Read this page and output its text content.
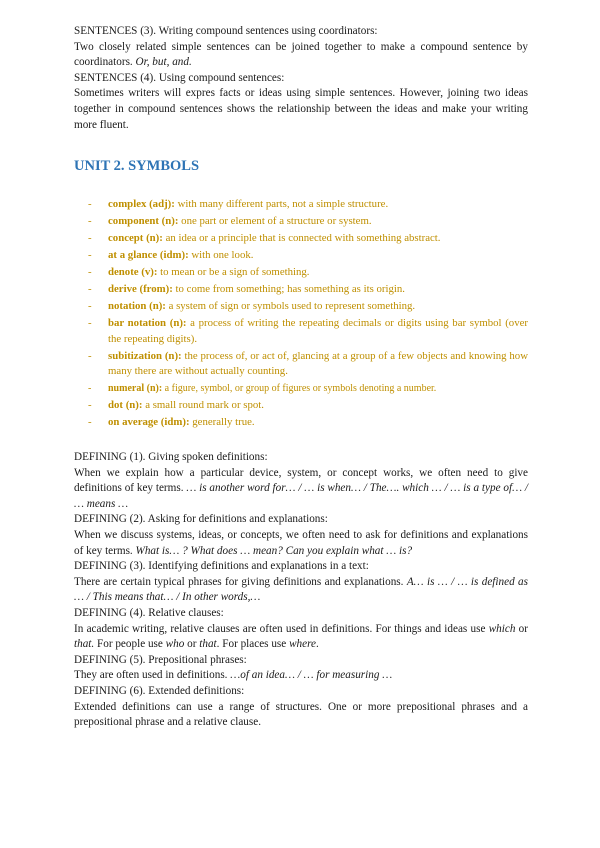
SENTENCES (3). Writing compound sentences using coordinators:

Two closely related simple sentences can be joined together to make a compound sentence by coordinators. Or, but, and.

SENTENCES (4). Using compound sentences:

Sometimes writers will expres facts or ideas using simple sentences. However, joining two ideas together in compound sentences shows the relationship between the ideas and make your writing more fluent.

UNIT 2. SYMBOLS
- complex (adj): with many different parts, not a simple structure.
- component (n): one part or element of a structure or system.
- concept (n): an idea or a principle that is connected with something abstract.
- at a glance (idm): with one look.
- denote (v): to mean or be a sign of something.
- derive (from): to come from something; has something as its origin.
- notation (n): a system of sign or symbols used to represent something.
- bar notation (n): a process of writing the repeating decimals or digits using bar symbol (over the repeating digits).
- subitization (n): the process of, or act of, glancing at a group of a few objects and knowing how many there are without actually counting.
- numeral (n): a figure, symbol, or group of figures or symbols denoting a number.
- dot (n): a small round mark or spot.
- on average (idm): generally true.

DEFINING (1). Giving spoken definitions:

When we explain how a particular device, system, or concept works, we often need to give definitions of key terms. … is another word for… / … is when… / The…. which … / … is a type of… / … means …

DEFINING (2). Asking for definitions and explanations:

When we discuss systems, ideas, or concepts, we often need to ask for definitions and explanations of key terms. What is… ? What does … mean? Can you explain what … is?

DEFINING (3). Identifying definitions and explanations in a text:

There are certain typical phrases for giving definitions and explanations. A… is … / … is defined as … / This means that… / In other words,…

DEFINING (4). Relative clauses:

In academic writing, relative clauses are often used in definitions. For things and ideas use which or that. For people use who or that. For places use where.

DEFINING (5). Prepositional phrases:

They are often used in definitions. …of an idea… / … for measuring …

DEFINING (6). Extended definitions:

Extended definitions can use a range of structures. One or more prepositional phrases and a prepositional phrase and a relative clause.
